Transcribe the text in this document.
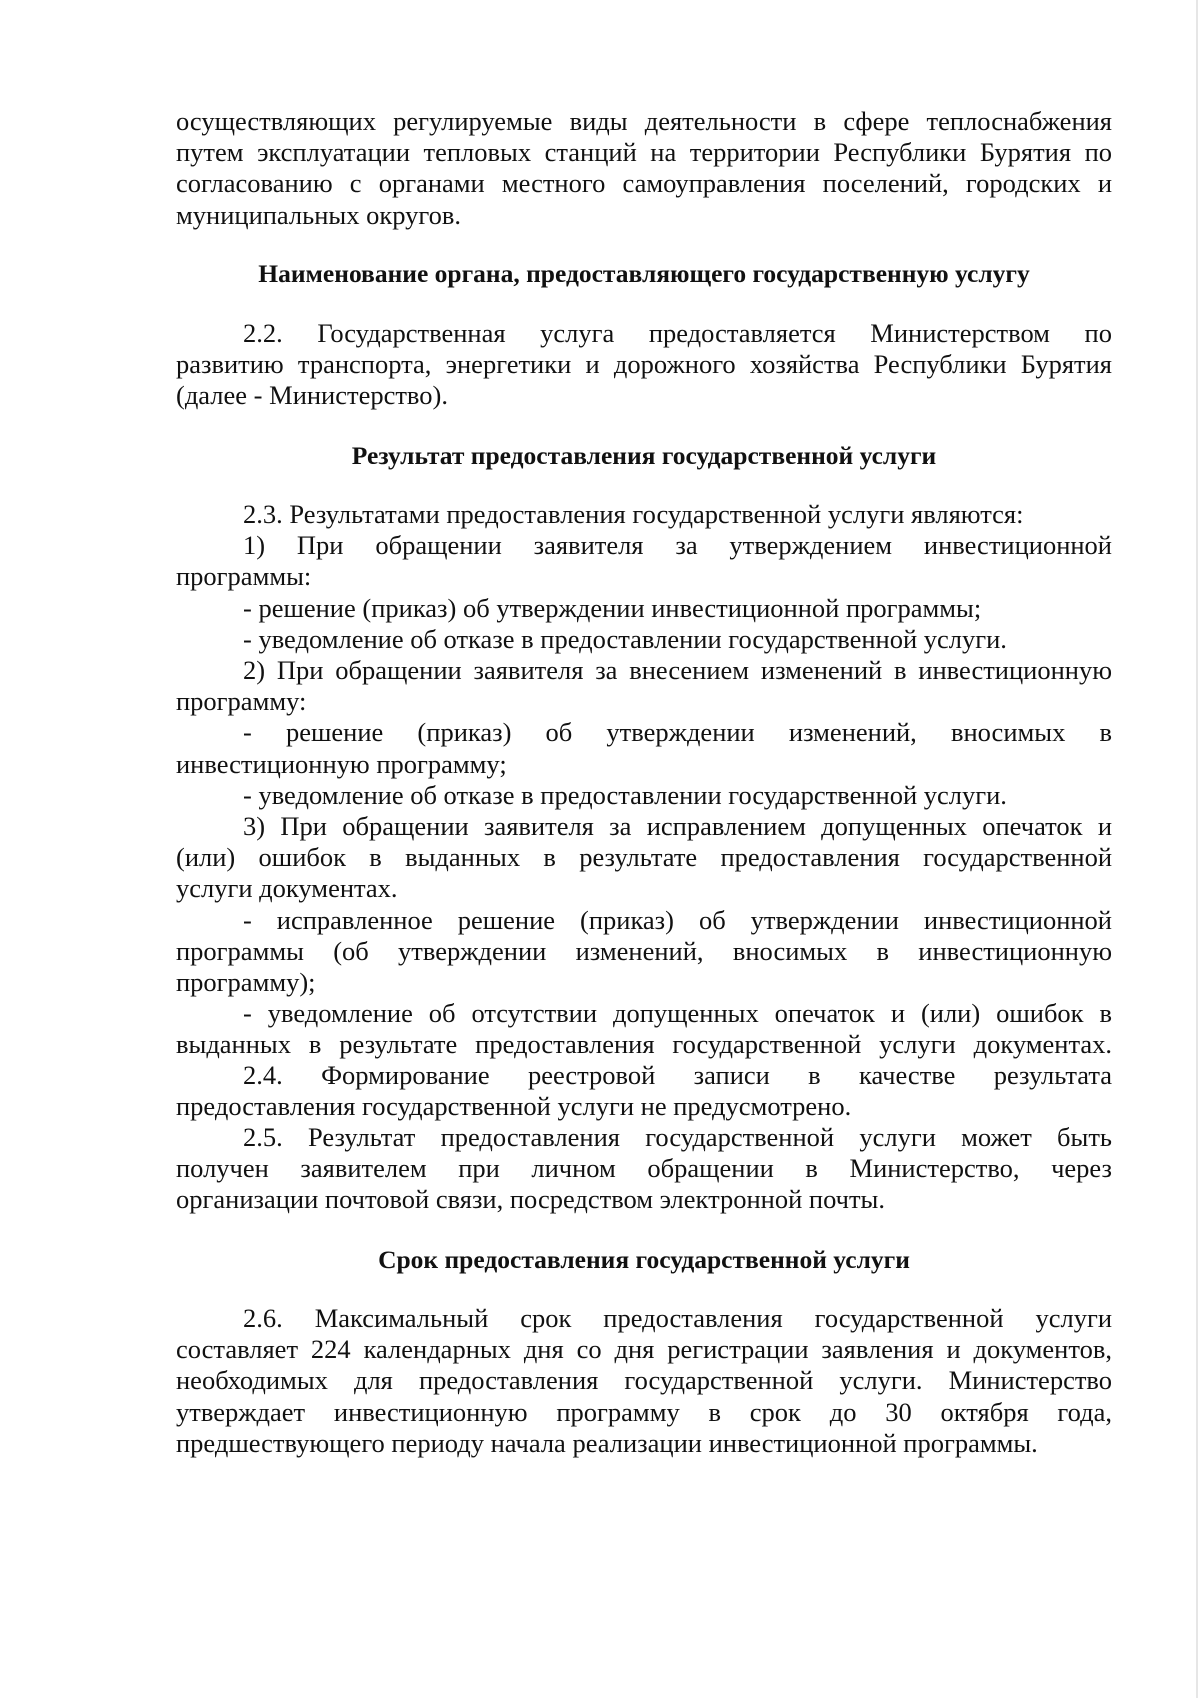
осуществляющих регулируемые виды деятельности в сфере теплоснабжения
путем эксплуатации тепловых станций на территории Республики Бурятия по
согласованию с органами местного самоуправления поселений, городских и
муниципальных округов.
Наименование органа, предоставляющего государственную услугу
2.2. Государственная услуга предоставляется Министерством по
развитию транспорта, энергетики и дорожного хозяйства Республики Бурятия
(далее - Министерство).
Результат предоставления государственной услуги
2.3. Результатами предоставления государственной услуги являются:
1) При обращении заявителя за утверждением инвестиционной
программы:
- решение (приказ) об утверждении инвестиционной программы;
- уведомление об отказе в предоставлении государственной услуги.
2) При обращении заявителя за внесением изменений в инвестиционную
программу:
- решение (приказ) об утверждении изменений, вносимых в
инвестиционную программу;
- уведомление об отказе в предоставлении государственной услуги.
3) При обращении заявителя за исправлением допущенных опечаток и
(или) ошибок в выданных в результате предоставления государственной
услуги документах.
- исправленное решение (приказ) об утверждении инвестиционной
программы (об утверждении изменений, вносимых в инвестиционную
программу);
- уведомление об отсутствии допущенных опечаток и (или) ошибок в
выданных в результате предоставления государственной услуги документах.
2.4. Формирование реестровой записи в качестве результата
предоставления государственной услуги не предусмотрено.
2.5. Результат предоставления государственной услуги может быть
получен заявителем при личном обращении в Министерство, через
организации почтовой связи, посредством электронной почты.
Срок предоставления государственной услуги
2.6. Максимальный срок предоставления государственной услуги
составляет 224 календарных дня со дня регистрации заявления и документов,
необходимых для предоставления государственной услуги. Министерство
утверждает инвестиционную программу в срок до 30 октября года,
предшествующего периоду начала реализации инвестиционной программы.
